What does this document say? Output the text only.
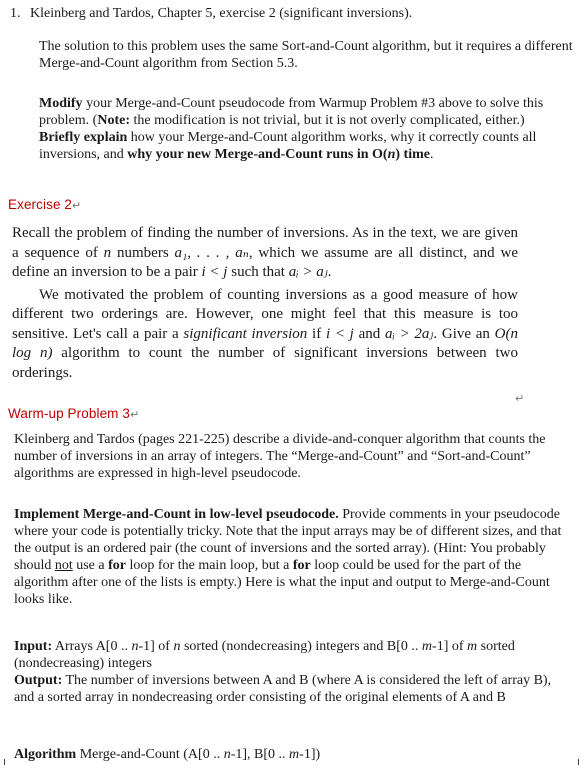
1. Kleinberg and Tardos, Chapter 5, exercise 2 (significant inversions).
The solution to this problem uses the same Sort-and-Count algorithm, but it requires a different Merge-and-Count algorithm from Section 5.3.
Modify your Merge-and-Count pseudocode from Warmup Problem #3 above to solve this problem. (Note: the modification is not trivial, but it is not overly complicated, either.)
Briefly explain how your Merge-and-Count algorithm works, why it correctly counts all inversions, and why your new Merge-and-Count runs in O(n) time.
Exercise 2↵

Recall the problem of finding the number of inversions. As in the text, we are given a sequence of n numbers a₁, . . . , aₙ, which we assume are all distinct, and we define an inversion to be a pair i < j such that aᵢ > aⱼ.

We motivated the problem of counting inversions as a good measure of how different two orderings are. However, one might feel that this measure is too sensitive. Let's call a pair a significant inversion if i < j and aᵢ > 2aⱼ. Give an O(n log n) algorithm to count the number of significant inversions between two orderings.

↵
Warm-up Problem 3↵

Kleinberg and Tardos (pages 221-225) describe a divide-and-conquer algorithm that counts the number of inversions in an array of integers. The “Merge-and-Count” and “Sort-and-Count” algorithms are expressed in high-level pseudocode.

Implement Merge-and-Count in low-level pseudocode. Provide comments in your pseudocode where your code is potentially tricky. Note that the input arrays may be of different sizes, and that the output is an ordered pair (the count of inversions and the sorted array). (Hint: You probably should not use a for loop for the main loop, but a for loop could be used for the part of the algorithm after one of the lists is empty.) Here is what the input and output to Merge-and-Count looks like.

Input: Arrays A[0 .. n-1] of n sorted (nondecreasing) integers and B[0 .. m-1] of m sorted (nondecreasing) integers

Output: The number of inversions between A and B (where A is considered the left of array B), and a sorted array in nondecreasing order consisting of the original elements of A and B

Algorithm Merge-and-Count (A[0 .. n-1], B[0 .. m-1])
